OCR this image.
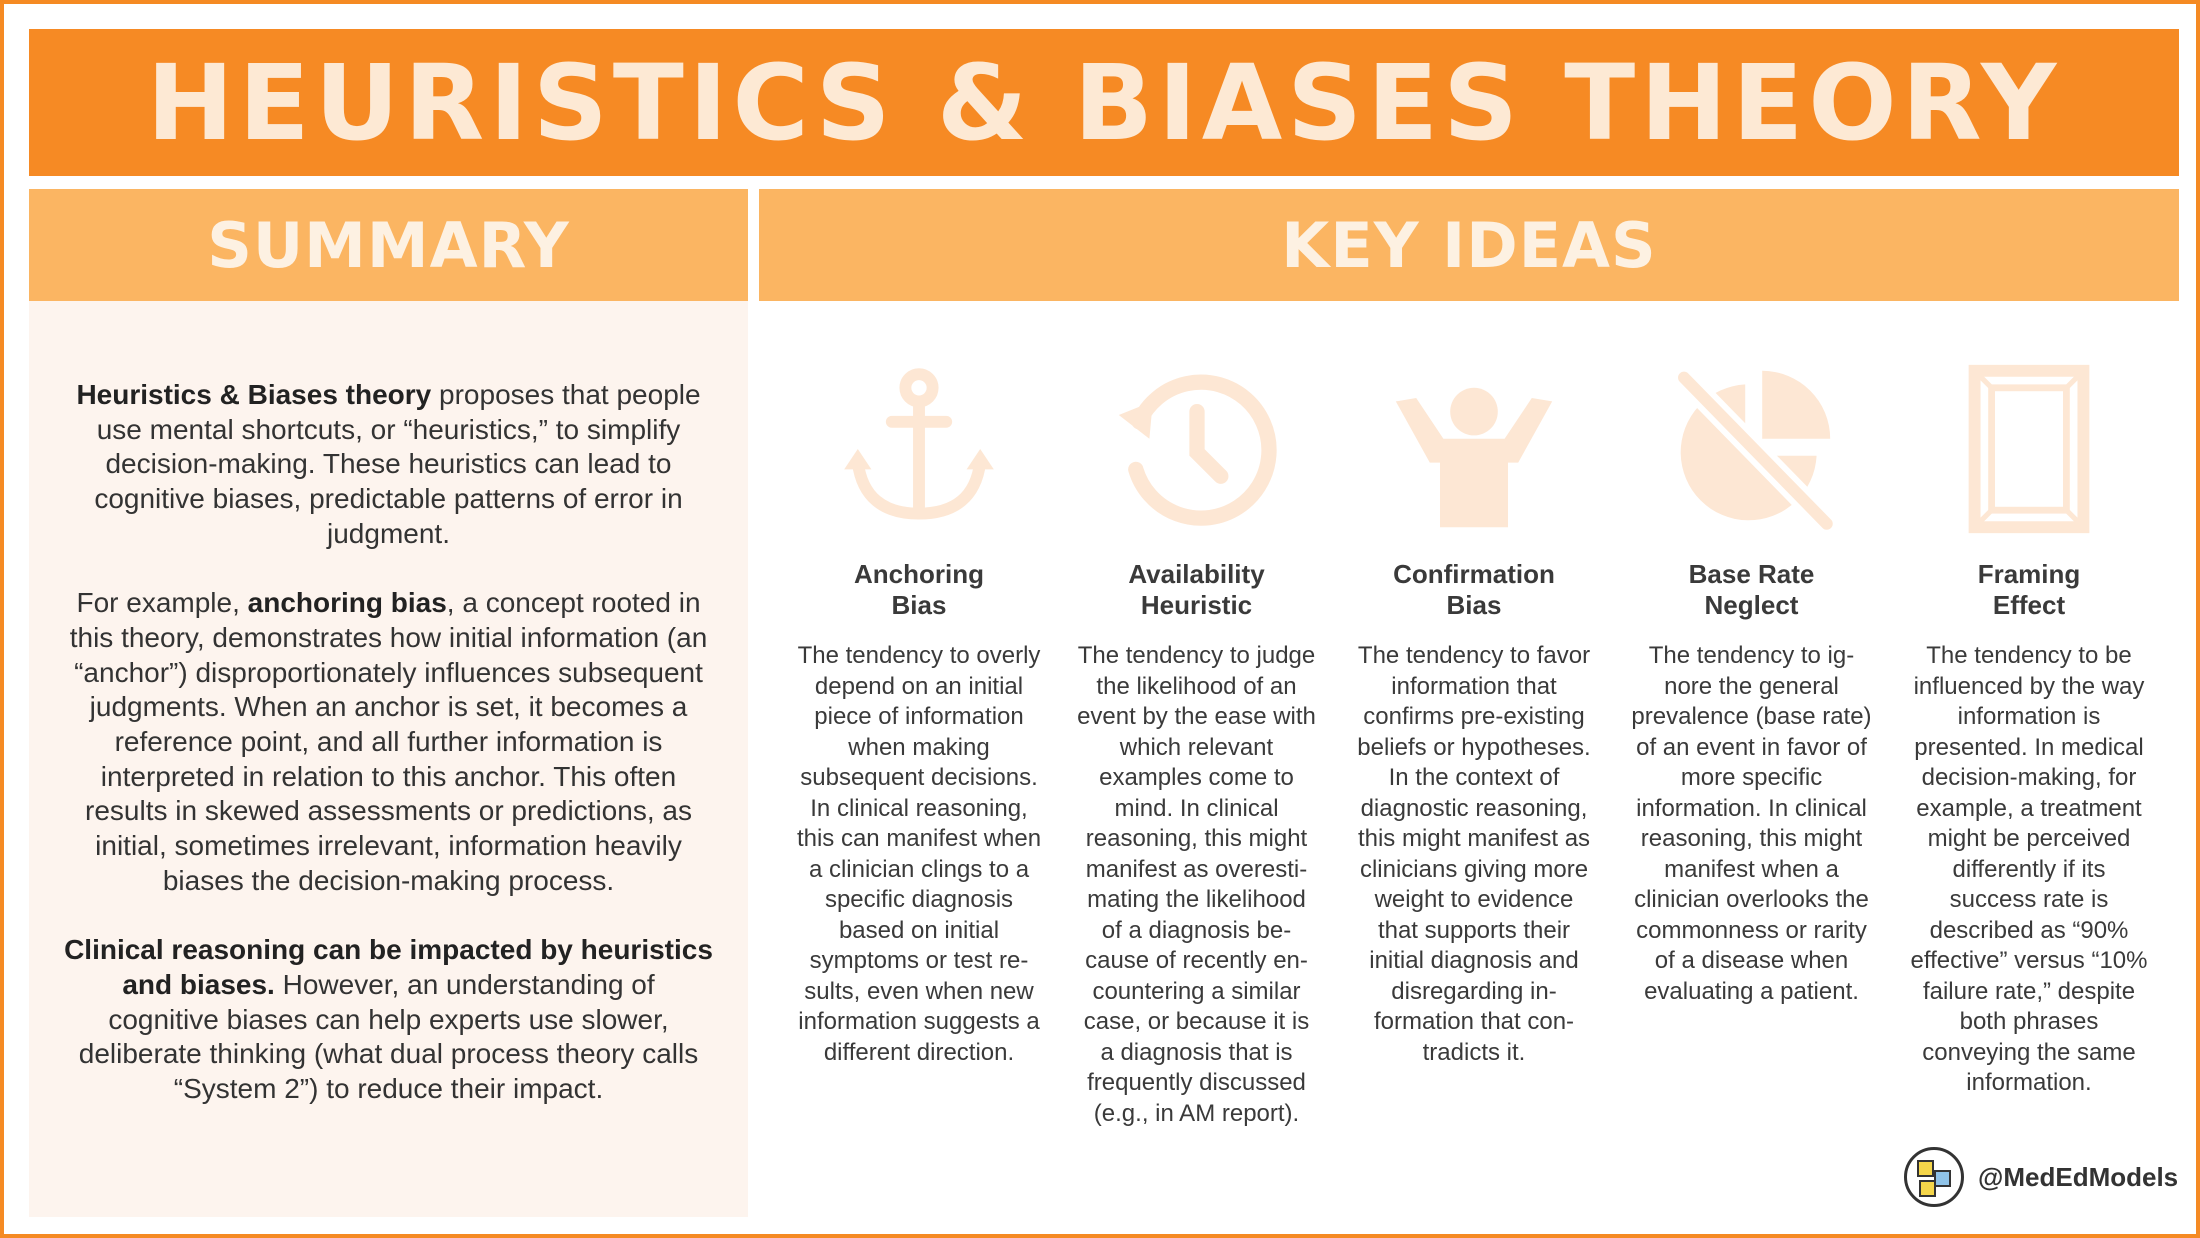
HEURISTICS & BIASES THEORY
SUMMARY	KEY IDEAS

Heuristics & Biases theory proposes that people use mental shortcuts, or “heuristics,” to simplify decision-making. These heuristics can lead to cognitive biases, predictable patterns of error in judgment.

For example, anchoring bias, a concept rooted in this theory, demonstrates how initial information (an “anchor”) disproportionately influences subsequent judgments. When an anchor is set, it becomes a reference point, and all further information is interpreted in relation to this anchor. This often results in skewed assessments or predictions, as initial, sometimes irrelevant, information heavily biases the decision-making process.

Clinical reasoning can be impacted by heuristics and biases. However, an understanding of cognitive biases can help experts use slower, deliberate thinking (what dual process theory calls “System 2”) to reduce their impact.

Anchoring
Bias
The tendency to overly depend on an initial piece of information when making subsequent decisions. In clinical reasoning, this can manifest when a clinician clings to a specific diagnosis based on initial symptoms or test results, even when new information suggests a different direction.
Availability
Heuristic
The tendency to judge the likelihood of an event by the ease with which relevant examples come to mind. In clinical reasoning, this might manifest as overestimating the likelihood of a diagnosis because of recently encountering a similar case, or because it is a diagnosis that is frequently discussed (e.g., in AM report).
Confirmation
Bias
The tendency to favor information that confirms pre-existing beliefs or hypotheses. In the context of diagnostic reasoning, this might manifest as clinicians giving more weight to evidence that supports their initial diagnosis and disregarding information that contradicts it.
Base Rate
Neglect
The tendency to ignore the general prevalence (base rate) of an event in favor of more specific information. In clinical reasoning, this might manifest when a clinician overlooks the commonness or rarity of a disease when evaluating a patient.
Framing
Effect
The tendency to be influenced by the way information is presented. In medical decision-making, for example, a treatment might be perceived differently if its success rate is described as “90% effective” versus “10% failure rate,” despite both phrases conveying the same information.
@MedEdModels
